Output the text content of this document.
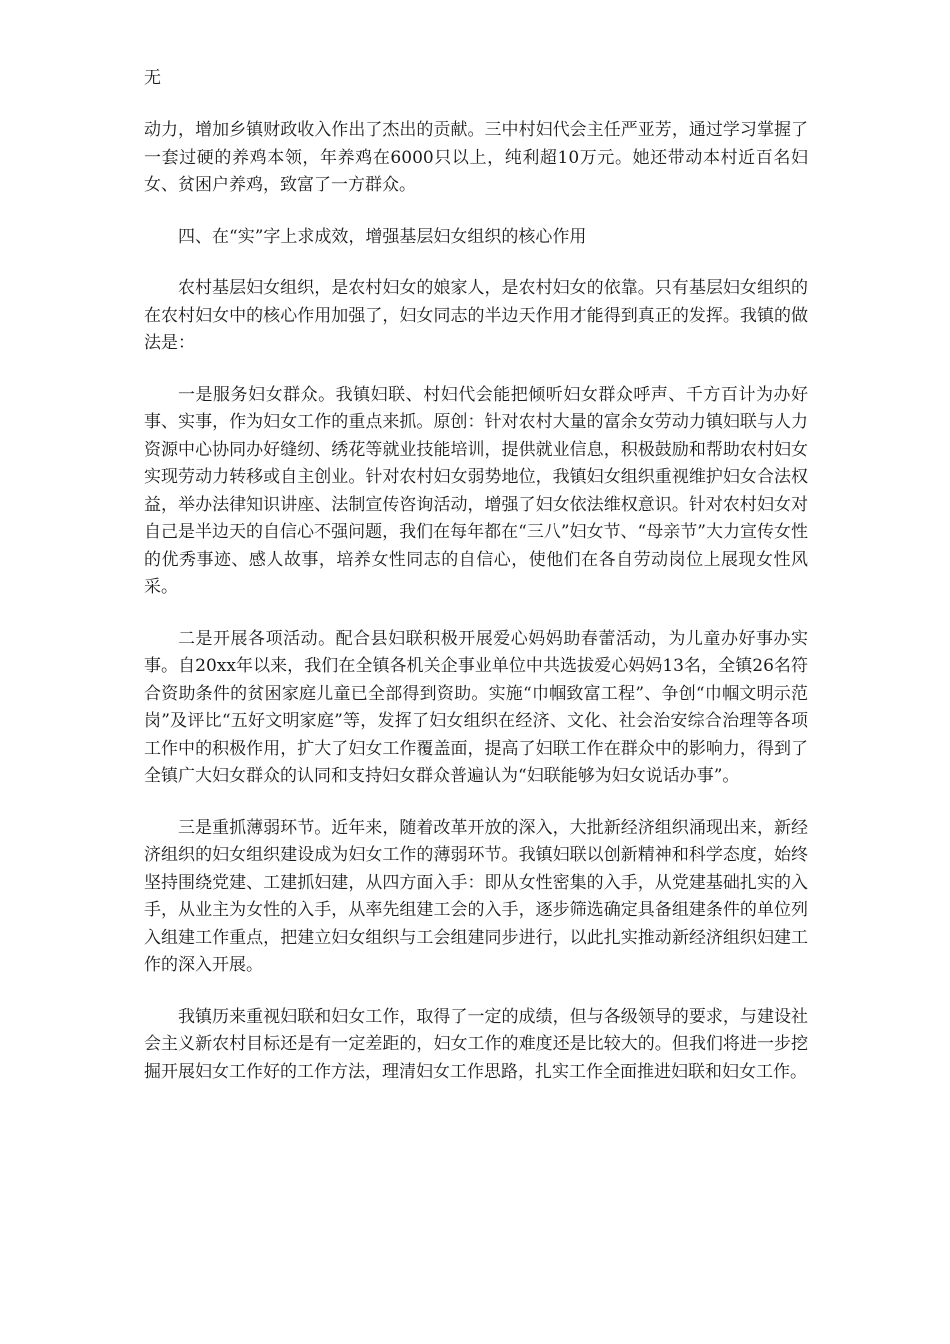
无

动力，增加乡镇财政收入作出了杰出的贡献。三中村妇代会主任严亚芳，通过学习掌握了一套过硬的养鸡本领，年养鸡在6000只以上，纯利超10万元。她还带动本村近百名妇女、贫困户养鸡，致富了一方群众。

四、在“实”字上求成效，增强基层妇女组织的核心作用

农村基层妇女组织，是农村妇女的娘家人，是农村妇女的依靠。只有基层妇女组织的在农村妇女中的核心作用加强了，妇女同志的半边天作用才能得到真正的发挥。我镇的做法是：

一是服务妇女群众。我镇妇联、村妇代会能把倾听妇女群众呼声、千方百计为办好事、实事，作为妇女工作的重点来抓。原创：针对农村大量的富余女劳动力镇妇联与人力资源中心协同办好缝纫、绣花等就业技能培训，提供就业信息，积极鼓励和帮助农村妇女实现劳动力转移或自主创业。针对农村妇女弱势地位，我镇妇女组织重视维护妇女合法权益，举办法律知识讲座、法制宣传咨询活动，增强了妇女依法维权意识。针对农村妇女对自己是半边天的自信心不强问题，我们在每年都在“三八”妇女节、“母亲节”大力宣传女性的优秀事迹、感人故事，培养女性同志的自信心，使他们在各自劳动岗位上展现女性风采。

二是开展各项活动。配合县妇联积极开展爱心妈妈助春蕾活动，为儿童办好事办实事。自20xx年以来，我们在全镇各机关企事业单位中共选拔爱心妈妈13名，全镇26名符合资助条件的贫困家庭儿童已全部得到资助。实施“巾帼致富工程”、争创“巾帼文明示范岗”及评比“五好文明家庭”等，发挥了妇女组织在经济、文化、社会治安综合治理等各项工作中的积极作用，扩大了妇女工作覆盖面，提高了妇联工作在群众中的影响力，得到了全镇广大妇女群众的认同和支持妇女群众普遍认为“妇联能够为妇女说话办事”。

三是重抓薄弱环节。近年来，随着改革开放的深入，大批新经济组织涌现出来，新经济组织的妇女组织建设成为妇女工作的薄弱环节。我镇妇联以创新精神和科学态度，始终坚持围绕党建、工建抓妇建，从四方面入手：即从女性密集的入手，从党建基础扎实的入手，从业主为女性的入手，从率先组建工会的入手，逐步筛选确定具备组建条件的单位列入组建工作重点，把建立妇女组织与工会组建同步进行，以此扎实推动新经济组织妇建工作的深入开展。

我镇历来重视妇联和妇女工作，取得了一定的成绩，但与各级领导的要求，与建设社会主义新农村目标还是有一定差距的，妇女工作的难度还是比较大的。但我们将进一步挖掘开展妇女工作好的工作方法，理清妇女工作思路，扎实工作全面推进妇联和妇女工作。
